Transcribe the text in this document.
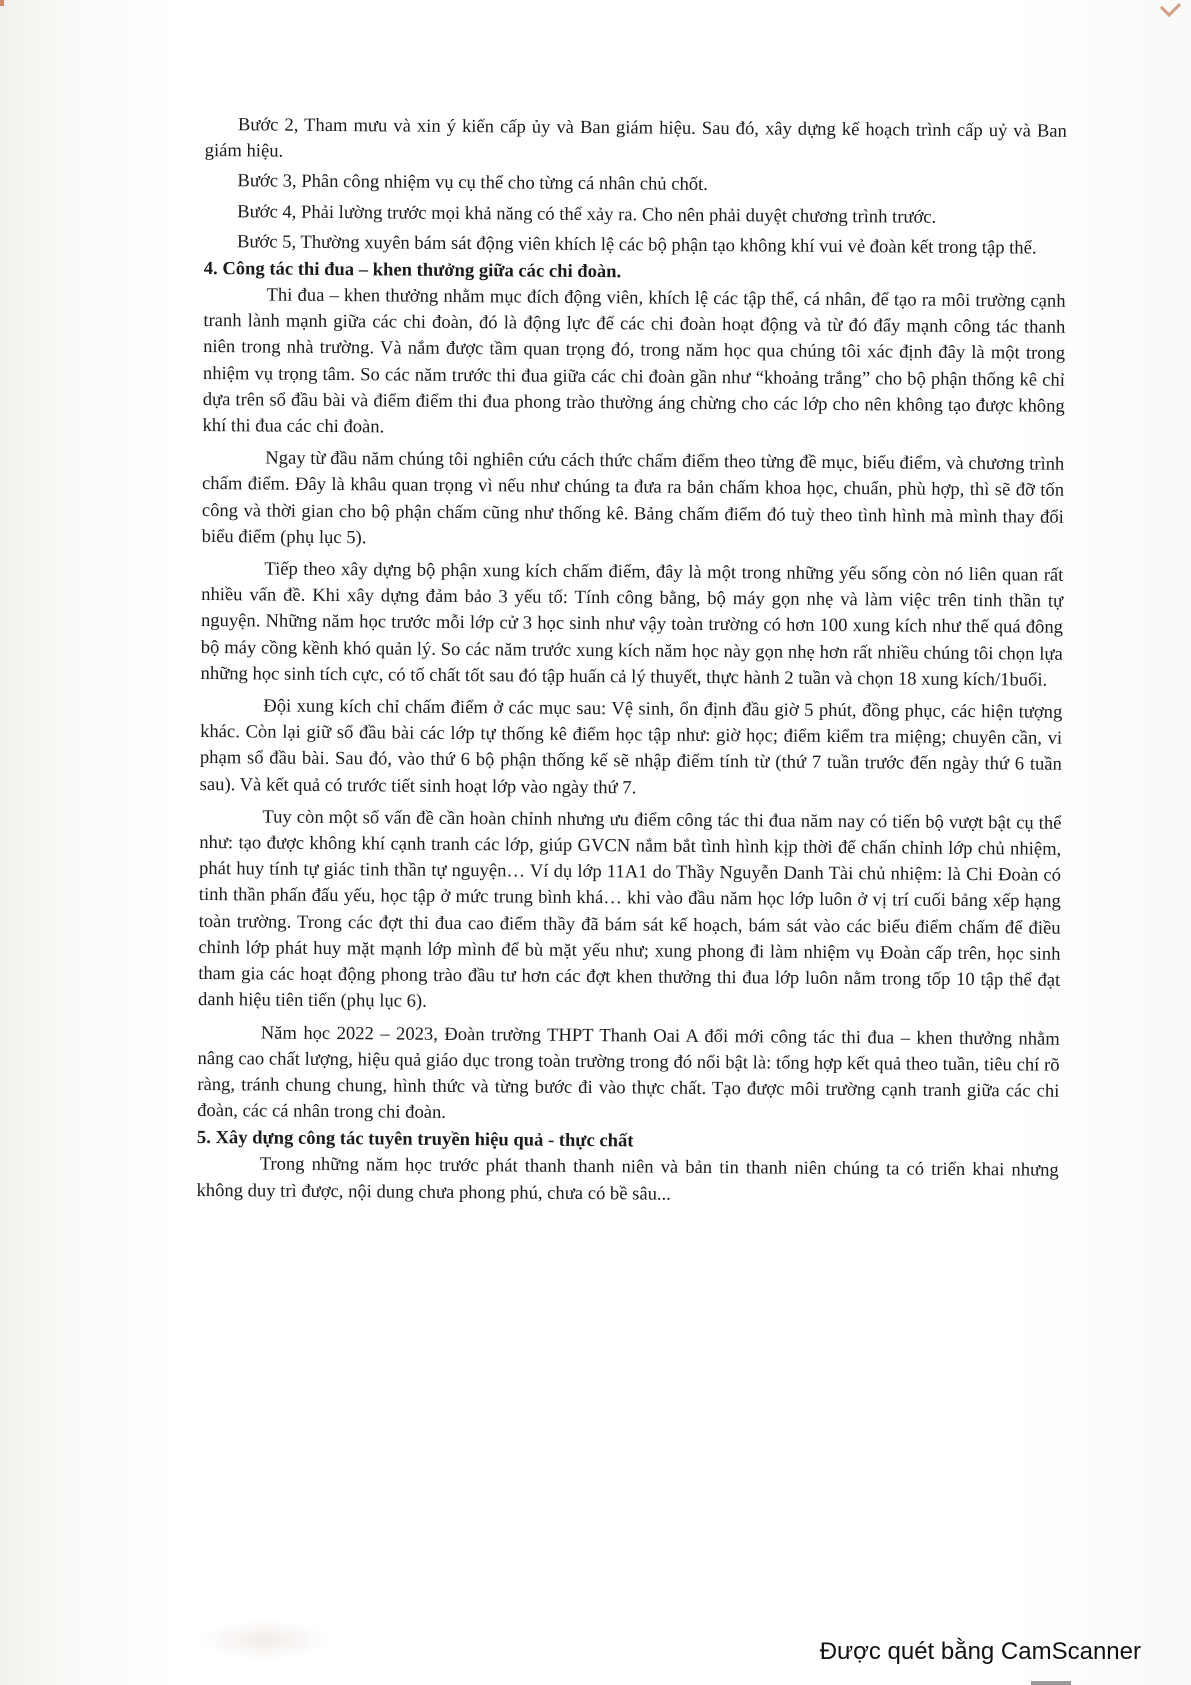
Bước 2, Tham mưu và xin ý kiến cấp ủy và Ban giám hiệu. Sau đó, xây dựng kế hoạch trình cấp uỷ và Ban giám hiệu.

Bước 3, Phân công nhiệm vụ cụ thể cho từng cá nhân chủ chốt.

Bước 4, Phải lường trước mọi khả năng có thể xảy ra. Cho nên phải duyệt chương trình trước.

Bước 5, Thường xuyên bám sát động viên khích lệ các bộ phận tạo không khí vui vẻ đoàn kết trong tập thể.

4. Công tác thi đua – khen thưởng giữa các chi đoàn.

Thi đua – khen thưởng nhằm mục đích động viên, khích lệ các tập thể, cá nhân, để tạo ra môi trường cạnh tranh lành mạnh giữa các chi đoàn, đó là động lực để các chi đoàn hoạt động và từ đó đẩy mạnh công tác thanh niên trong nhà trường. Và nắm được tầm quan trọng đó, trong năm học qua chúng tôi xác định đây là một trong nhiệm vụ trọng tâm. So các năm trước thi đua giữa các chi đoàn gần như “khoảng trắng” cho bộ phận thống kê chỉ dựa trên sổ đầu bài và điểm điểm thi đua phong trào thường áng chừng cho các lớp cho nên không tạo được không khí thi đua các chi đoàn.

Ngay từ đầu năm chúng tôi nghiên cứu cách thức chấm điểm theo từng đề mục, biểu điểm, và chương trình chấm điểm. Đây là khâu quan trọng vì nếu như chúng ta đưa ra bản chấm khoa học, chuẩn, phù hợp, thì sẽ đỡ tốn công và thời gian cho bộ phận chấm cũng như thống kê. Bảng chấm điểm đó tuỳ theo tình hình mà mình thay đổi biểu điểm (phụ lục 5).

Tiếp theo xây dựng bộ phận xung kích chấm điểm, đây là một trong những yếu sống còn nó liên quan rất nhiều vấn đề. Khi xây dựng đảm bảo 3 yếu tố: Tính công bằng, bộ máy gọn nhẹ và làm việc trên tinh thần tự nguyện. Những năm học trước mỗi lớp cử 3 học sinh như vậy toàn trường có hơn 100 xung kích như thế quá đông bộ máy cồng kềnh khó quản lý. So các năm trước xung kích năm học này gọn nhẹ hơn rất nhiều chúng tôi chọn lựa những học sinh tích cực, có tố chất tốt sau đó tập huấn cả lý thuyết, thực hành 2 tuần và chọn 18 xung kích/1buổi.

Đội xung kích chỉ chấm điểm ở các mục sau: Vệ sinh, ổn định đầu giờ 5 phút, đồng phục, các hiện tượng khác. Còn lại giữ sổ đầu bài các lớp tự thống kê điểm học tập như: giờ học; điểm kiểm tra miệng; chuyên cần, vi phạm sổ đầu bài. Sau đó, vào thứ 6 bộ phận thống kế sẽ nhập điểm tính từ (thứ 7 tuần trước đến ngày thứ 6 tuần sau). Và kết quả có trước tiết sinh hoạt lớp vào ngày thứ 7.

Tuy còn một số vấn đề cần hoàn chỉnh nhưng ưu điểm công tác thi đua năm nay có tiến bộ vượt bật cụ thể như: tạo được không khí cạnh tranh các lớp, giúp GVCN nắm bắt tình hình kịp thời để chấn chỉnh lớp chủ nhiệm, phát huy tính tự giác tinh thần tự nguyện… Ví dụ lớp 11A1 do Thầy Nguyễn Danh Tài chủ nhiệm: là Chi Đoàn có tinh thần phấn đấu yếu, học tập ở mức trung bình khá… khi vào đầu năm học lớp luôn ở vị trí cuối bảng xếp hạng toàn trường. Trong các đợt thi đua cao điểm thầy đã bám sát kế hoạch, bám sát vào các biểu điểm chấm để điều chỉnh lớp phát huy mặt mạnh lớp mình để bù mặt yếu như; xung phong đi làm nhiệm vụ Đoàn cấp trên, học sinh tham gia các hoạt động phong trào đầu tư hơn các đợt khen thưởng thi đua lớp luôn nằm trong tốp 10 tập thể đạt danh hiệu tiên tiến (phụ lục 6).

Năm học 2022 – 2023, Đoàn trường THPT Thanh Oai A đổi mới công tác thi đua – khen thưởng nhằm nâng cao chất lượng, hiệu quả giáo dục trong toàn trường trong đó nổi bật là: tổng hợp kết quả theo tuần, tiêu chí rõ ràng, tránh chung chung, hình thức và từng bước đi vào thực chất. Tạo được môi trường cạnh tranh giữa các chi đoàn, các cá nhân trong chi đoàn.

5. Xây dựng công tác tuyên truyền hiệu quả - thực chất

Trong những năm học trước phát thanh thanh niên và bản tin thanh niên chúng ta có triển khai nhưng không duy trì được, nội dung chưa phong phú, chưa có bề sâu...

Được quét bằng CamScanner
